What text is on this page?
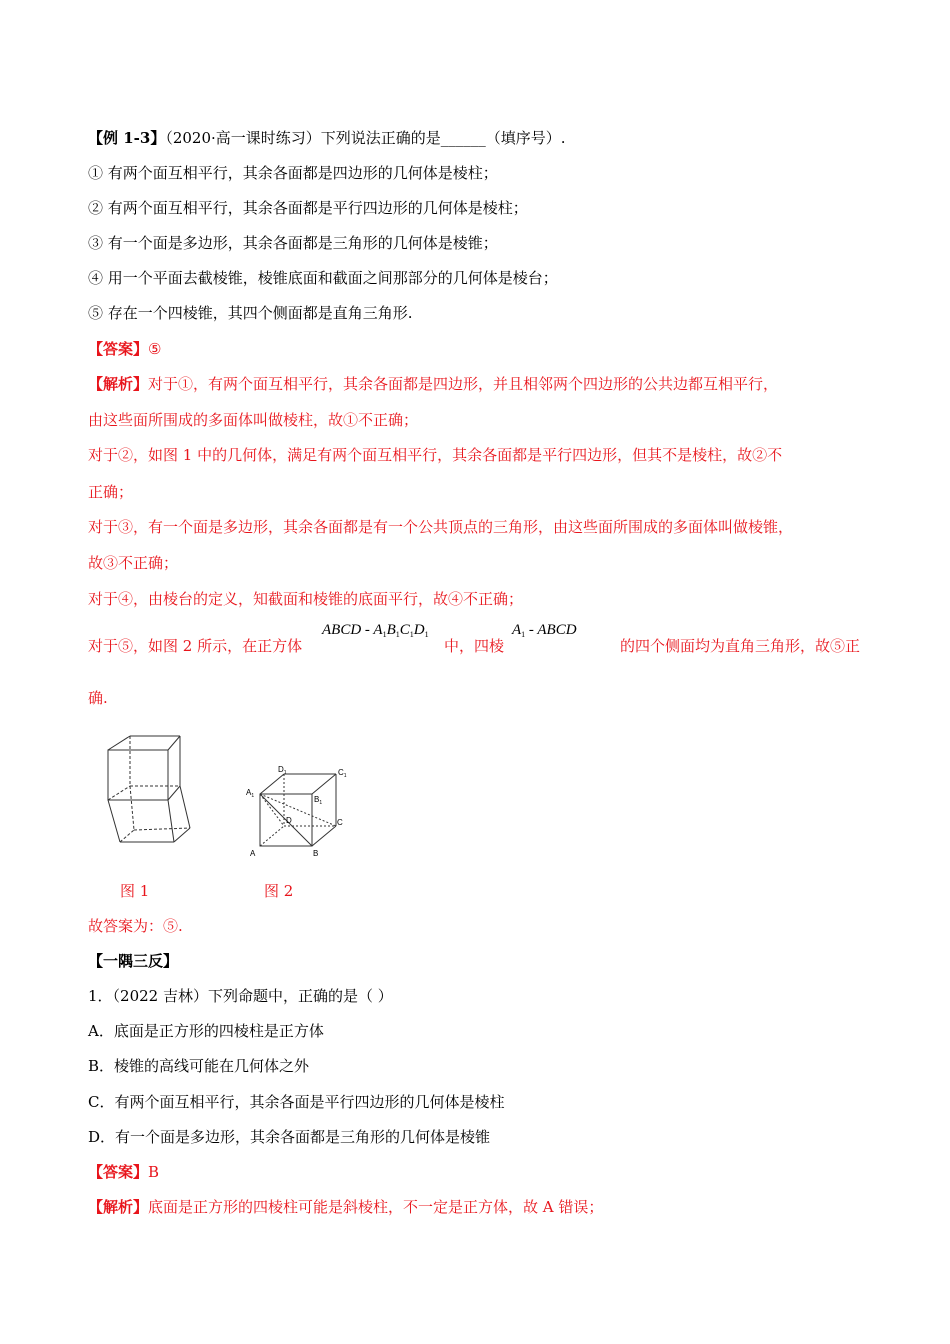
【例 1-3】（2020·高一课时练习）下列说法正确的是______（填序号）.
① 有两个面互相平行，其余各面都是四边形的几何体是棱柱；
② 有两个面互相平行，其余各面都是平行四边形的几何体是棱柱；
③ 有一个面是多边形，其余各面都是三角形的几何体是棱锥；
④ 用一个平面去截棱锥，棱锥底面和截面之间那部分的几何体是棱台；
⑤ 存在一个四棱锥，其四个侧面都是直角三角形.
【答案】⑤
【解析】对于①，有两个面互相平行，其余各面都是四边形，并且相邻两个四边形的公共边都互相平行，
由这些面所围成的多面体叫做棱柱，故①不正确；
对于②，如图 1 中的几何体，满足有两个面互相平行，其余各面都是平行四边形，但其不是棱柱，故②不
正确；
对于③，有一个面是多边形，其余各面都是有一个公共顶点的三角形，由这些面所围成的多面体叫做棱锥，
故③不正确；
对于④，由棱台的定义，知截面和棱锥的底面平行，故④不正确；
对于⑤，如图 2 所示，在正方体
ABCD - $A_1B_1C_1D_1$
中，四棱
$A_1$ - ABCD
的四个侧面均为直角三角形，故⑤正
确.
$D_1$	$C_1$
$A_1$	$B_1$
D	C
A	B
图 1	图 2
故答案为：⑤.
【一隅三反】
1．（2022 吉林）下列命题中，正确的是（ ）
A．底面是正方形的四棱柱是正方体
B．棱锥的高线可能在几何体之外
C．有两个面互相平行，其余各面是平行四边形的几何体是棱柱
D．有一个面是多边形，其余各面都是三角形的几何体是棱锥
【答案】B
【解析】底面是正方形的四棱柱可能是斜棱柱，不一定是正方体，故 A 错误；
